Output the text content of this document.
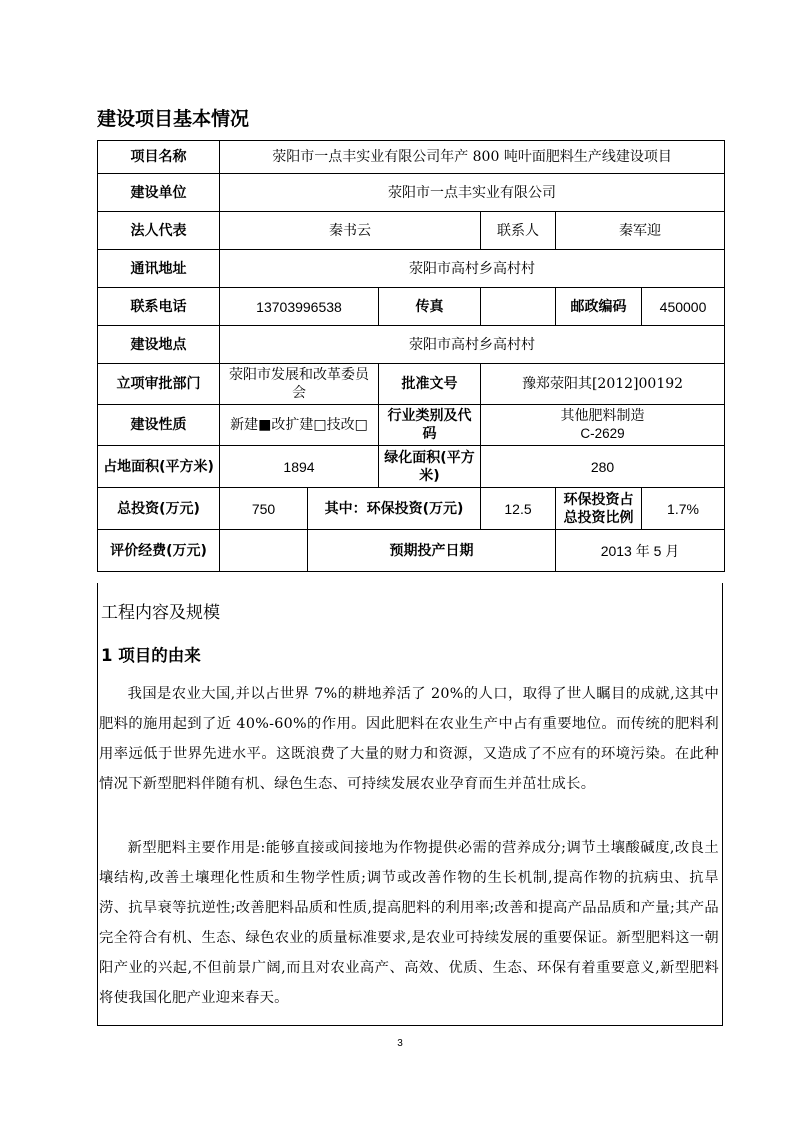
建设项目基本情况
项目名称	荥阳市一点丰实业有限公司年产 800 吨叶面肥料生产线建设项目					
建设单位	荥阳市一点丰实业有限公司					
法人代表	秦书云			联系人	秦军迎	
通讯地址	荥阳市高村乡高村村					
联系电话	13703996538		传真		邮政编码	450000
建设地点	荥阳市高村乡高村村					
立项审批部门	荥阳市发展和改革委员会		批准文号	豫郑荥阳其[2012]00192		
建设性质	新建■改扩建□技改□		行业类别及代码	其他肥料制造
C-2629		

占地面积(平方米)	1894		绿化面积(平方米)	280		
总投资(万元)	750	其中：环保投资(万元)		12.5	环保投资占总投资比例	1.7%
评价经费(万元)		预期投产日期			2013 年 5 月	
工程内容及规模
1 项目的由来

我国是农业大国,并以占世界 7%的耕地养活了 20%的人口，取得了世人瞩目的成就,这其中肥料的施用起到了近 40%-60%的作用。因此肥料在农业生产中占有重要地位。而传统的肥料利用率远低于世界先进水平。这既浪费了大量的财力和资源，又造成了不应有的环境污染。在此种情况下新型肥料伴随有机、绿色生态、可持续发展农业孕育而生并茁壮成长。

新型肥料主要作用是:能够直接或间接地为作物提供必需的营养成分;调节土壤酸碱度,改良土壤结构,改善土壤理化性质和生物学性质;调节或改善作物的生长机制,提高作物的抗病虫、抗旱涝、抗旱衰等抗逆性;改善肥料品质和性质,提高肥料的利用率;改善和提高产品品质和产量;其产品完全符合有机、生态、绿色农业的质量标准要求,是农业可持续发展的重要保证。新型肥料这一朝阳产业的兴起,不但前景广阔,而且对农业高产、高效、优质、生态、环保有着重要意义,新型肥料将使我国化肥产业迎来春天。

3
